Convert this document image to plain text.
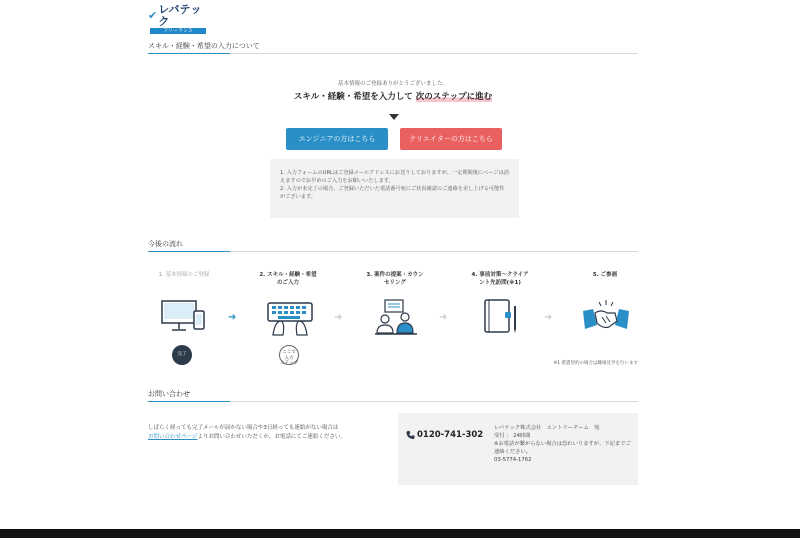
✔ レバテック
フリーランス
スキル・経験・希望の入力について
基本情報のご登録ありがとうございました。
スキル・経験・希望を入力して 次のステップに進む
エンジニアの方はこちら	クリエイターの方はこちら
1. 入力フォームのURLはご登録メールアドレスにお送りしておりますが、一定期間後にページは消えますのでお早めのご入力をお願いいたします。
2. 入力が未完了の場合、ご登録いただいた電話番号宛にご状況確認のご連絡を差し上げる可能性がございます。
今後の流れ
1. 基本情報のご登録	2. スキル・経験・希望
のご入力
3. 案件の提案・カウン
セリング
4. 事前対策～クライア
ント先訪問(※1)
5. ご参画
➜	➜	➜	➜
完了	ここで
入力
ステップ	※1 派遣契約の場合は職場見学を行います
お問い合わせ
しばらく経っても完了メールが届かない場合や3日経っても連絡がない場合は
お問い合わせページよりお問い合わせいただくか、お電話にてご連絡ください。	0120-741-302
レバテック株式会社　エントリーチーム　宛
受付 ： 24時間
※お電話が繋がらない場合は恐れいりますが、下記までご連絡ください。
03-5774-1762
